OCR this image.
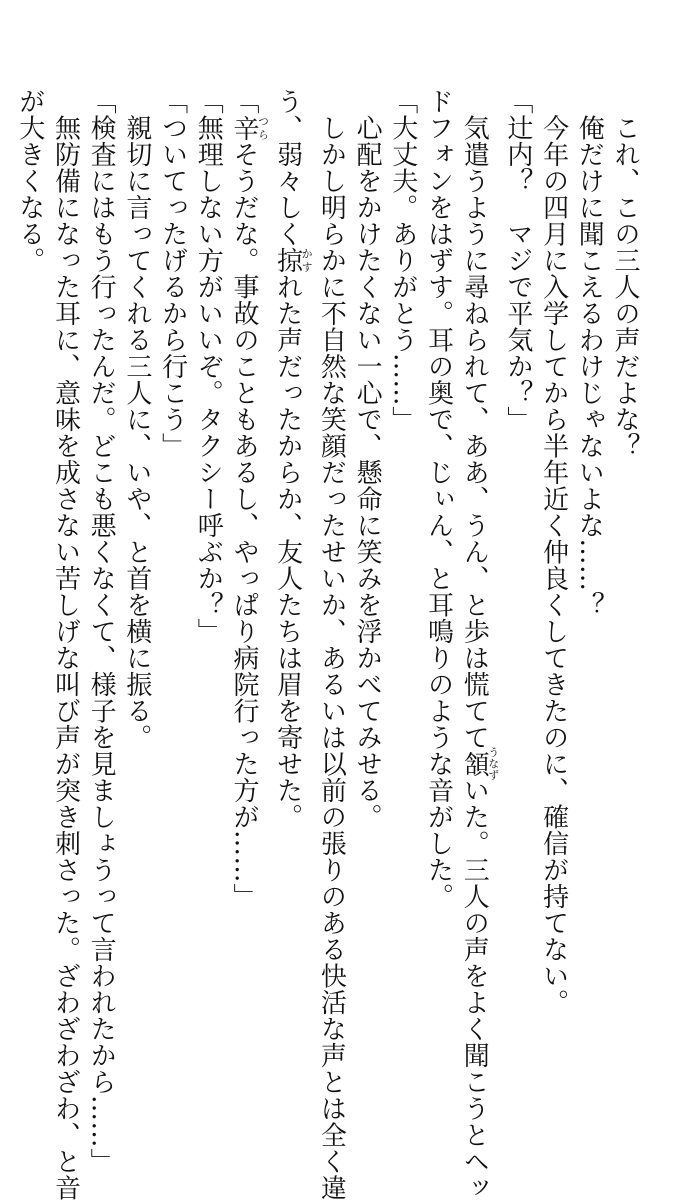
　これ、この三人の声だよな？

　俺だけに聞こえるわけじゃないよな……？

　今年の四月に入学してから半年近く仲良くしてきたのに、確信が持てない。

「辻内？　マジで平気か？」

　気遣うように尋ねられて、ああ、うん、と歩は慌てて頷うなずいた。三人の声をよく聞こうとヘッ

ドフォンをはずす。耳の奥で、じぃん、と耳鳴りのような音がした。

「大丈夫。ありがとう……」

　心配をかけたくない一心で、懸命に笑みを浮かべてみせる。

　しかし明らかに不自然な笑顔だったせいか、あるいは以前の張りのある快活な声とは全く違

う、弱々しく掠かすれた声だったからか、友人たちは眉を寄せた。

「辛つらそうだな。事故のこともあるし、やっぱり病院行った方が……」

「無理しない方がいいぞ。タクシー呼ぶか？」

「ついてったげるから行こう」

　親切に言ってくれる三人に、いや、と首を横に振る。

「検査にはもう行ったんだ。どこも悪くなくて、様子を見ましょうって言われたから……」

　無防備になった耳に、意味を成さない苦しげな叫び声が突き刺さった。ざわざわざわ、と音

が大きくなる。
